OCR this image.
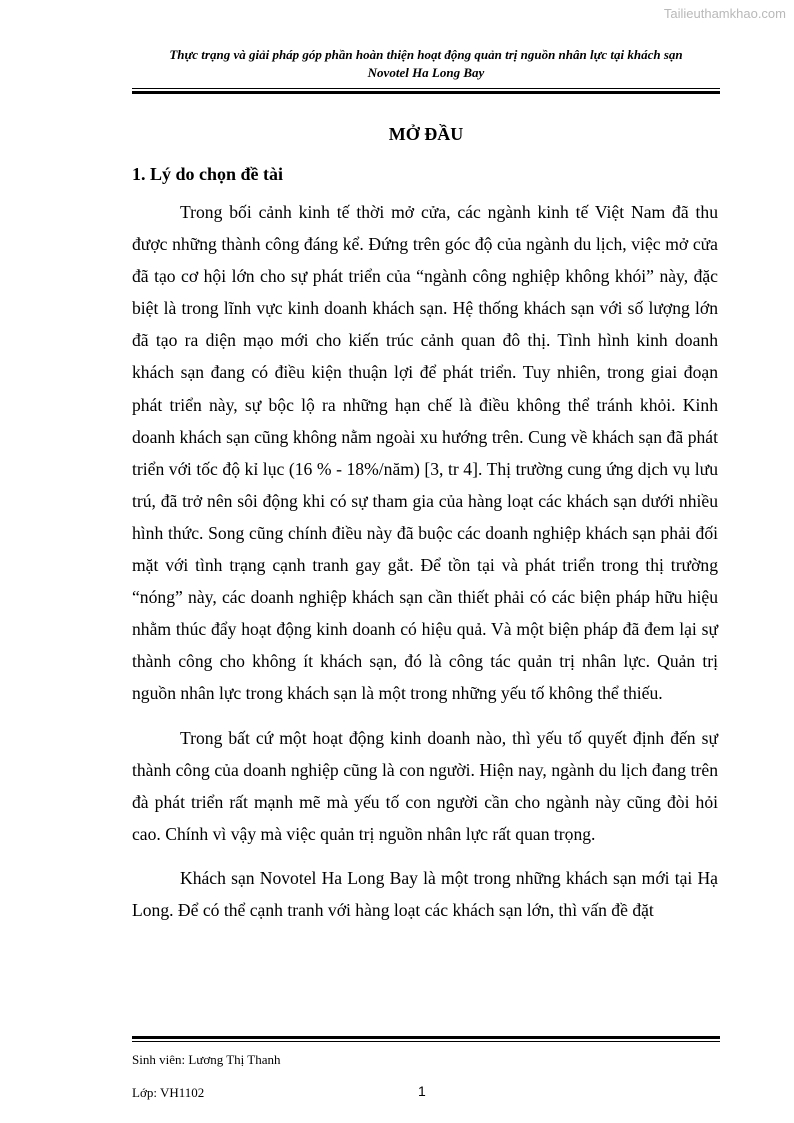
Tailieuthamkhao.com
Thực trạng và giải pháp góp phần hoàn thiện hoạt động quản trị nguồn nhân lực tại khách sạn
Novotel Ha Long Bay
MỞ ĐẦU
1. Lý do chọn đề tài

Trong bối cảnh kinh tế thời mở cửa, các ngành kinh tế Việt Nam đã thu được những thành công đáng kể. Đứng trên góc độ của ngành du lịch, việc mở cửa đã tạo cơ hội lớn cho sự phát triển của “ngành công nghiệp không khói” này, đặc biệt là trong lĩnh vực kinh doanh khách sạn. Hệ thống khách sạn với số lượng lớn đã tạo ra diện mạo mới cho kiến trúc cảnh quan đô thị. Tình hình kinh doanh khách sạn đang có điều kiện thuận lợi để phát triển. Tuy nhiên, trong giai đoạn phát triển này, sự bộc lộ ra những hạn chế là điều không thể tránh khỏi. Kinh doanh khách sạn cũng không nằm ngoài xu hướng trên. Cung về khách sạn đã phát triển với tốc độ kỉ lục (16 % - 18%/năm) [3, tr 4]. Thị trường cung ứng dịch vụ lưu trú, đã trở nên sôi động khi có sự tham gia của hàng loạt các khách sạn dưới nhiều hình thức. Song cũng chính điều này đã buộc các doanh nghiệp khách sạn phải đối mặt với tình trạng cạnh tranh gay gắt. Để tồn tại và phát triển trong thị trường “nóng” này, các doanh nghiệp khách sạn cần thiết phải có các biện pháp hữu hiệu nhằm thúc đẩy hoạt động kinh doanh có hiệu quả. Và một biện pháp đã đem lại sự thành công cho không ít khách sạn, đó là công tác quản trị nhân lực. Quản trị nguồn nhân lực trong khách sạn là một trong những yếu tố không thể thiếu.

Trong bất cứ một hoạt động kinh doanh nào, thì yếu tố quyết định đến sự thành công của doanh nghiệp cũng là con người. Hiện nay, ngành du lịch đang trên đà phát triển rất mạnh mẽ mà yếu tố con người cần cho ngành này cũng đòi hỏi cao. Chính vì vậy mà việc quản trị nguồn nhân lực rất quan trọng.

Khách sạn Novotel Ha Long Bay là một trong những khách sạn mới tại Hạ Long. Để có thể cạnh tranh với hàng loạt các khách sạn lớn, thì vấn đề đặt

Sinh viên: Lương Thị Thanh
Lớp: VH1102	1
